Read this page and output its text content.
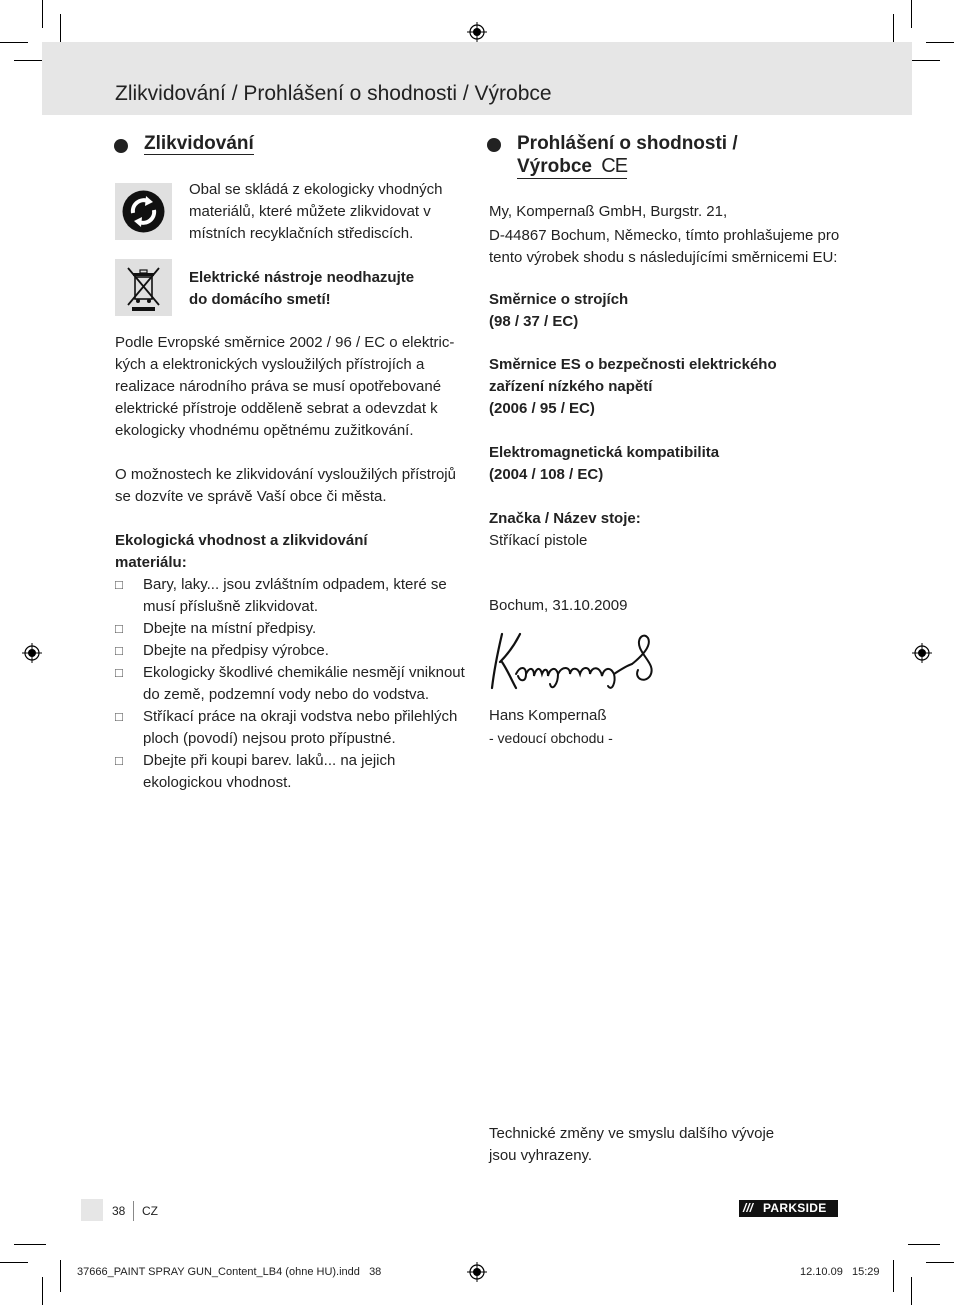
Zlikvidování / Prohlášení o shodnosti / Výrobce
Zlikvidování
Obal se skládá z ekologicky vhodných
materiálů, které můžete zlikvidovat v
místních recyklačních střediscích.
Elektrické nástroje neodhazujte
do domácího smetí!
Podle Evropské směrnice 2002 / 96 / EC o elektric-
kých a elektronických vysloužilých přístrojích a
realizace národního práva se musí opotřebované
elektrické přístroje odděleně sebrat a odevzdat k
ekologicky vhodnému opětnému zužitkování.
O možnostech ke zlikvidování vysloužilých přístrojů
se dozvíte ve správě Vaší obce či města.
Ekologická vhodnost a zlikvidování
materiálu:
□ Bary, laky... jsou zvláštním odpadem, které se
musí příslušně zlikvidovat.
□ Dbejte na místní předpisy.
□ Dbejte na předpisy výrobce.
□ Ekologicky škodlivé chemikálie nesmějí vniknout
do země, podzemní vody nebo do vodstva.
□ Stříkací práce na okraji vodstva nebo přilehlých
ploch (povodí) nejsou proto přípustné.
□ Dbejte při koupi barev. laků... na jejich
ekologickou vhodnost.
Prohlášení o shodnosti /
Výrobce CE
My, Kompernaß GmbH, Burgstr. 21,
D-44867 Bochum, Německo, tímto prohlašujeme pro
tento výrobek shodu s následujícími směrnicemi EU:
Směrnice o strojích
(98 / 37 / EC)
Směrnice ES o bezpečnosti elektrického
zařízení nízkého napětí
(2006 / 95 / EC)
Elektromagnetická kompatibilita
(2004 / 108 / EC)
Značka / Název stoje:
Stříkací pistole
Bochum, 31.10.2009
Hans Kompernaß
- vedoucí obchodu -
Technické změny ve smyslu dalšího vývoje
jsou vyhrazeny.
38 CZ	/// PARKSIDE
37666_PAINT SPRAY GUN_Content_LB4 (ohne HU).indd   38	12.10.09   15:29
